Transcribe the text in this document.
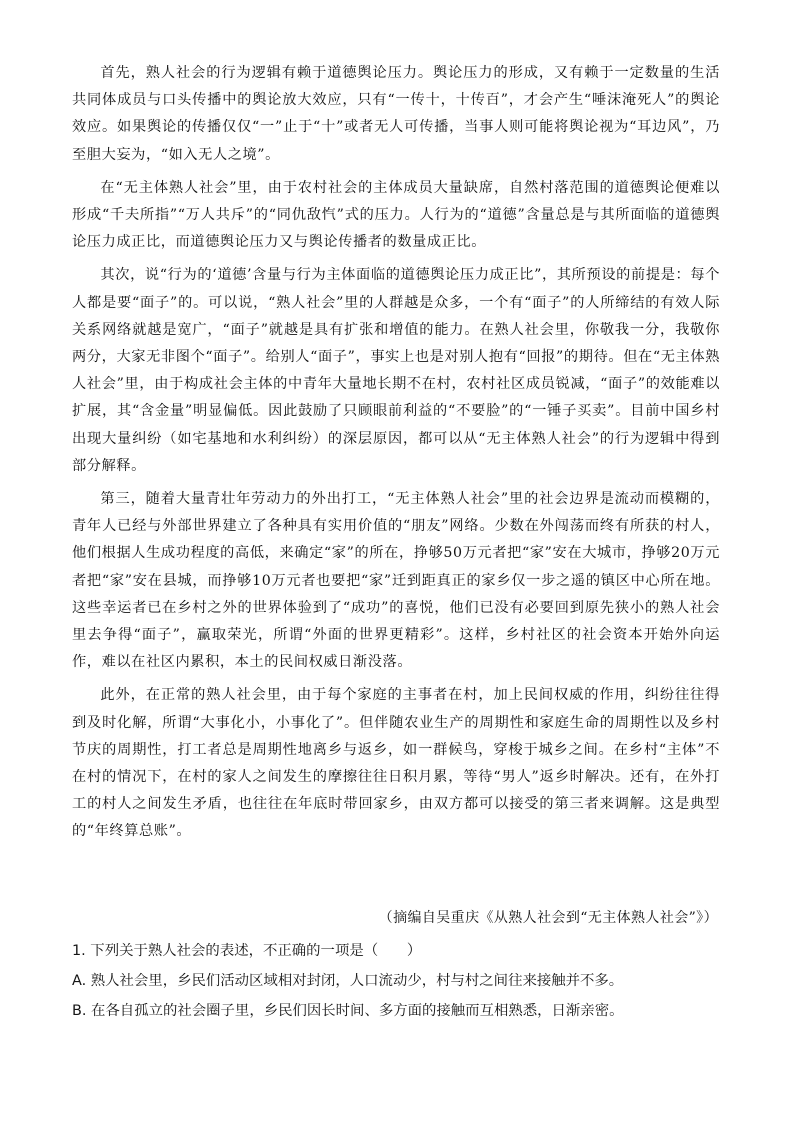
首先，熟人社会的行为逻辑有赖于道德舆论压力。舆论压力的形成，又有赖于一定数量的生活共同体成员与口头传播中的舆论放大效应，只有“一传十，十传百”，才会产生“唾沫淹死人”的舆论效应。如果舆论的传播仅仅“一”止于“十”或者无人可传播，当事人则可能将舆论视为“耳边风”，乃至胆大妄为，“如入无人之境”。

在“无主体熟人社会”里，由于农村社会的主体成员大量缺席，自然村落范围的道德舆论便难以形成“千夫所指”“万人共斥”的“同仇敌忾”式的压力。人行为的“道德”含量总是与其所面临的道德舆论压力成正比，而道德舆论压力又与舆论传播者的数量成正比。

其次，说“行为的‘道德’含量与行为主体面临的道德舆论压力成正比”，其所预设的前提是：每个人都是要“面子”的。可以说，“熟人社会”里的人群越是众多，一个有“面子”的人所缔结的有效人际关系网络就越是宽广，“面子”就越是具有扩张和增值的能力。在熟人社会里，你敬我一分，我敬你两分，大家无非图个“面子”。给别人“面子”，事实上也是对别人抱有“回报”的期待。但在“无主体熟人社会”里，由于构成社会主体的中青年大量地长期不在村，农村社区成员锐减，“面子”的效能难以扩展，其“含金量”明显偏低。因此鼓励了只顾眼前利益的“不要脸”的“一锤子买卖”。目前中国乡村出现大量纠纷（如宅基地和水利纠纷）的深层原因，都可以从“无主体熟人社会”的行为逻辑中得到部分解释。

第三，随着大量青壮年劳动力的外出打工，“无主体熟人社会”里的社会边界是流动而模糊的，青年人已经与外部世界建立了各种具有实用价值的“朋友”网络。少数在外闯荡而终有所获的村人，他们根据人生成功程度的高低，来确定“家”的所在，挣够50万元者把“家”安在大城市，挣够20万元者把“家”安在县城，而挣够10万元者也要把“家”迁到距真正的家乡仅一步之遥的镇区中心所在地。这些幸运者已在乡村之外的世界体验到了“成功”的喜悦，他们已没有必要回到原先狭小的熟人社会里去争得“面子”，赢取荣光，所谓“外面的世界更精彩”。这样，乡村社区的社会资本开始外向运作，难以在社区内累积，本土的民间权威日渐没落。

此外，在正常的熟人社会里，由于每个家庭的主事者在村，加上民间权威的作用，纠纷往往得到及时化解，所谓“大事化小，小事化了”。但伴随农业生产的周期性和家庭生命的周期性以及乡村节庆的周期性，打工者总是周期性地离乡与返乡，如一群候鸟，穿梭于城乡之间。在乡村“主体”不在村的情况下，在村的家人之间发生的摩擦往往日积月累，等待“男人”返乡时解决。还有，在外打工的村人之间发生矛盾，也往往在年底时带回家乡，由双方都可以接受的第三者来调解。这是典型的“年终算总账”。

（摘编自吴重庆《从熟人社会到“无主体熟人社会”》）

1. 下列关于熟人社会的表述，不正确的一项是（　　）

A. 熟人社会里，乡民们活动区域相对封闭，人口流动少，村与村之间往来接触并不多。

B. 在各自孤立的社会圈子里，乡民们因长时间、多方面的接触而互相熟悉，日渐亲密。
